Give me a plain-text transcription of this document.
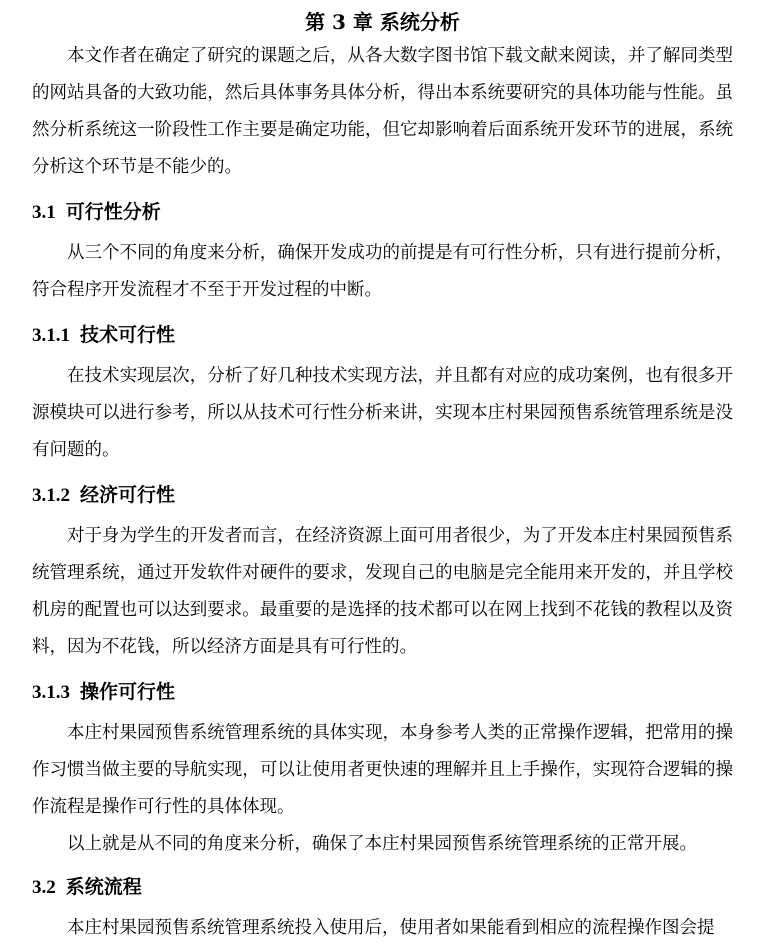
第 3 章 系统分析

本文作者在确定了研究的课题之后，从各大数字图书馆下载文献来阅读，并了解同类型的网站具备的大致功能，然后具体事务具体分析，得出本系统要研究的具体功能与性能。虽然分析系统这一阶段性工作主要是确定功能，但它却影响着后面系统开发环节的进展，系统分析这个环节是不能少的。

3.1 可行性分析

从三个不同的角度来分析，确保开发成功的前提是有可行性分析，只有进行提前分析，符合程序开发流程才不至于开发过程的中断。

3.1.1 技术可行性

在技术实现层次，分析了好几种技术实现方法，并且都有对应的成功案例，也有很多开源模块可以进行参考，所以从技术可行性分析来讲，实现本庄村果园预售系统管理系统是没有问题的。

3.1.2 经济可行性

对于身为学生的开发者而言，在经济资源上面可用者很少，为了开发本庄村果园预售系统管理系统，通过开发软件对硬件的要求，发现自己的电脑是完全能用来开发的，并且学校机房的配置也可以达到要求。最重要的是选择的技术都可以在网上找到不花钱的教程以及资料，因为不花钱，所以经济方面是具有可行性的。

3.1.3 操作可行性

本庄村果园预售系统管理系统的具体实现，本身参考人类的正常操作逻辑，把常用的操作习惯当做主要的导航实现，可以让使用者更快速的理解并且上手操作，实现符合逻辑的操作流程是操作可行性的具体体现。

以上就是从不同的角度来分析，确保了本庄村果园预售系统管理系统的正常开展。

3.2 系统流程

本庄村果园预售系统管理系统投入使用后，使用者如果能看到相应的流程操作图会提
